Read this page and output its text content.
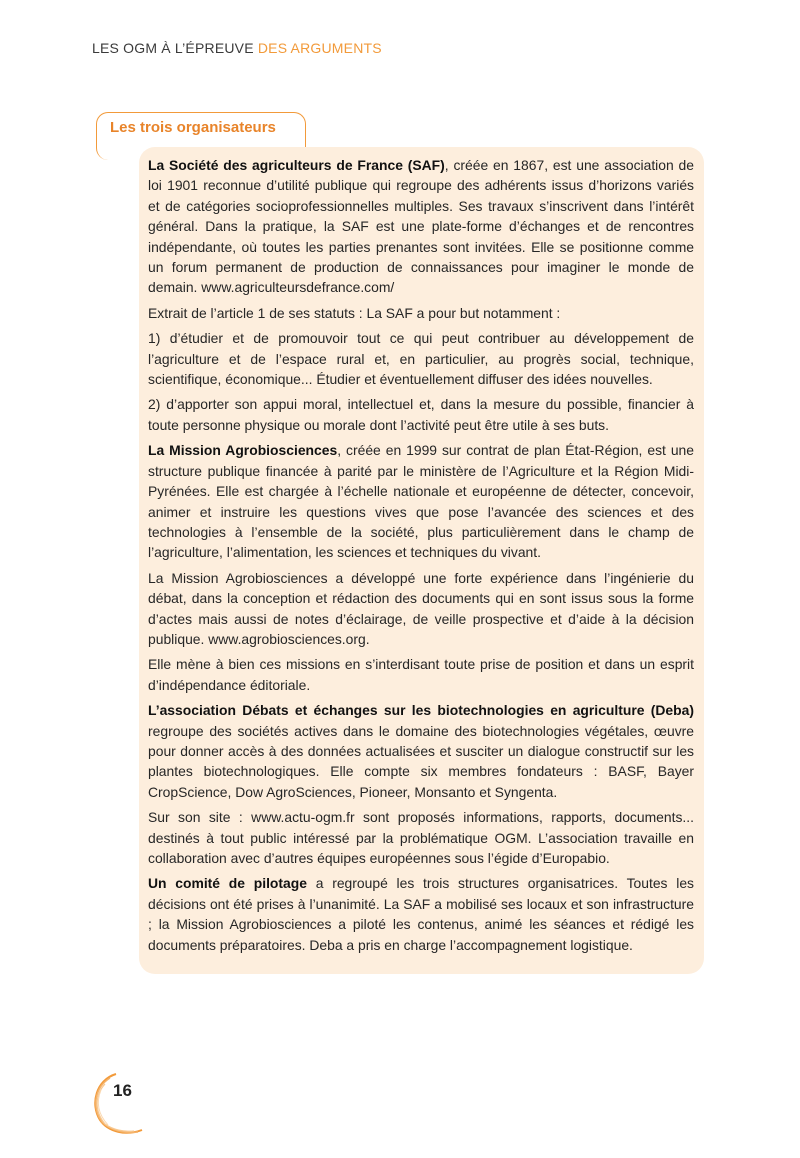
LES OGM À L’ÉPREUVE DES ARGUMENTS
Les trois organisateurs

La Société des agriculteurs de France (SAF), créée en 1867, est une association de loi 1901 reconnue d’utilité publique qui regroupe des adhérents issus d’horizons variés et de catégories socioprofessionnelles multiples. Ses travaux s’inscrivent dans l’intérêt général. Dans la pratique, la SAF est une plate-forme d’échanges et de rencontres indépendante, où toutes les parties prenantes sont invitées. Elle se positionne comme un forum permanent de production de connaissances pour imaginer le monde de demain. www.agriculteursdefrance.com/

Extrait de l’article 1 de ses statuts : La SAF a pour but notamment :

1) d’étudier et de promouvoir tout ce qui peut contribuer au développement de l’agriculture et de l’espace rural et, en particulier, au progrès social, technique, scientifique, économique... Étudier et éventuellement diffuser des idées nouvelles.

2) d’apporter son appui moral, intellectuel et, dans la mesure du possible, financier à toute personne physique ou morale dont l’activité peut être utile à ses buts.

La Mission Agrobiosciences, créée en 1999 sur contrat de plan État-Région, est une structure publique financée à parité par le ministère de l’Agriculture et la Région Midi-Pyrénées. Elle est chargée à l’échelle nationale et européenne de détecter, concevoir, animer et instruire les questions vives que pose l’avancée des sciences et des technologies à l’ensemble de la société, plus particulièrement dans le champ de l’agriculture, l’alimentation, les sciences et techniques du vivant.

La Mission Agrobiosciences a développé une forte expérience dans l’ingénierie du débat, dans la conception et rédaction des documents qui en sont issus sous la forme d’actes mais aussi de notes d’éclairage, de veille prospective et d’aide à la décision publique. www.agrobiosciences.org.

Elle mène à bien ces missions en s’interdisant toute prise de position et dans un esprit d’indépendance éditoriale.

L’association Débats et échanges sur les biotechnologies en agriculture (Deba) regroupe des sociétés actives dans le domaine des biotechnologies végétales, œuvre pour donner accès à des données actualisées et susciter un dialogue constructif sur les plantes biotechnologiques. Elle compte six membres fondateurs : BASF, Bayer CropScience, Dow AgroSciences, Pioneer, Monsanto et Syngenta.

Sur son site : www.actu-ogm.fr sont proposés informations, rapports, documents... destinés à tout public intéressé par la problématique OGM. L’association travaille en collaboration avec d’autres équipes européennes sous l’égide d’Europabio.

Un comité de pilotage a regroupé les trois structures organisatrices. Toutes les décisions ont été prises à l’unanimité. La SAF a mobilisé ses locaux et son infrastructure ; la Mission Agrobiosciences a piloté les contenus, animé les séances et rédigé les documents préparatoires. Deba a pris en charge l’accompagnement logistique.

16
